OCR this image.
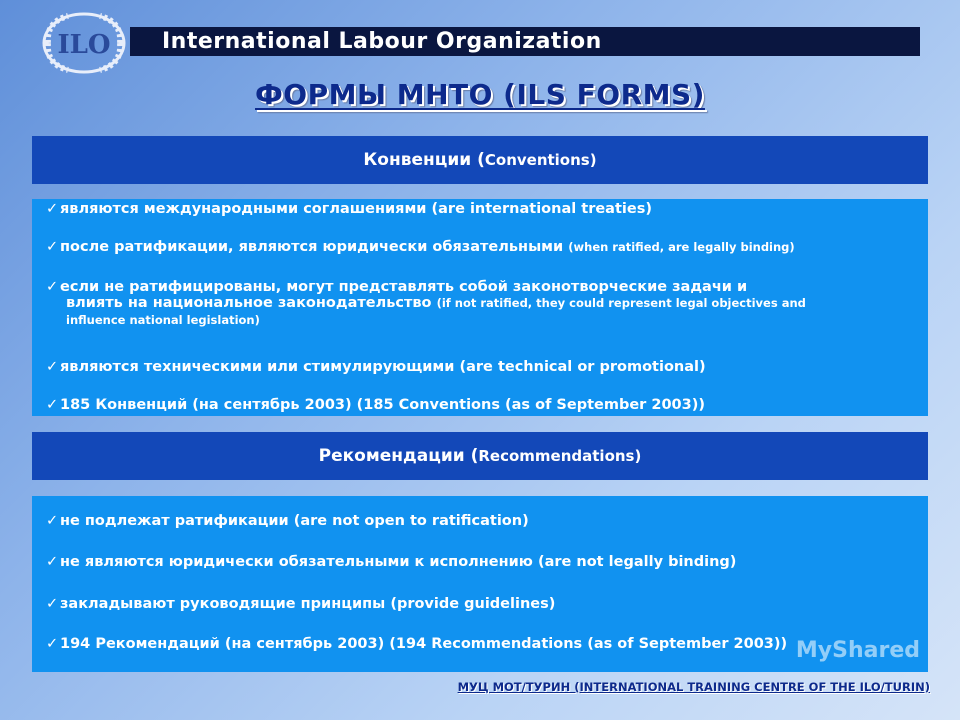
ILO	International Labour Organization
ФОРМЫ МНТО (ILS FORMS)
Конвенции (Conventions)
✓ являются международными соглашениями (are international treaties)
✓ после ратификации, являются юридически обязательными (when ratified, are legally binding)
✓ если не ратифицированы, могут представлять собой законотворческие задачи и
влиять на национальное законодательство (if not ratified, they could represent legal objectives and
influence national legislation)
✓ являются техническими или стимулирующими (are technical or promotional)
✓ 185 Конвенций (на сентябрь 2003) (185 Conventions (as of September 2003))
Рекомендации (Recommendations)
✓ не подлежат ратификации (are not open to ratification)
✓ не являются юридически обязательными к исполнению (are not legally binding)
✓ закладывают руководящие принципы (provide guidelines)
✓ 194 Рекомендаций (на сентябрь 2003) (194 Recommendations (as of September 2003)) MyShared
МУЦ МОТ/ТУРИН (INTERNATIONAL TRAINING CENTRE OF THE ILO/TURIN)
